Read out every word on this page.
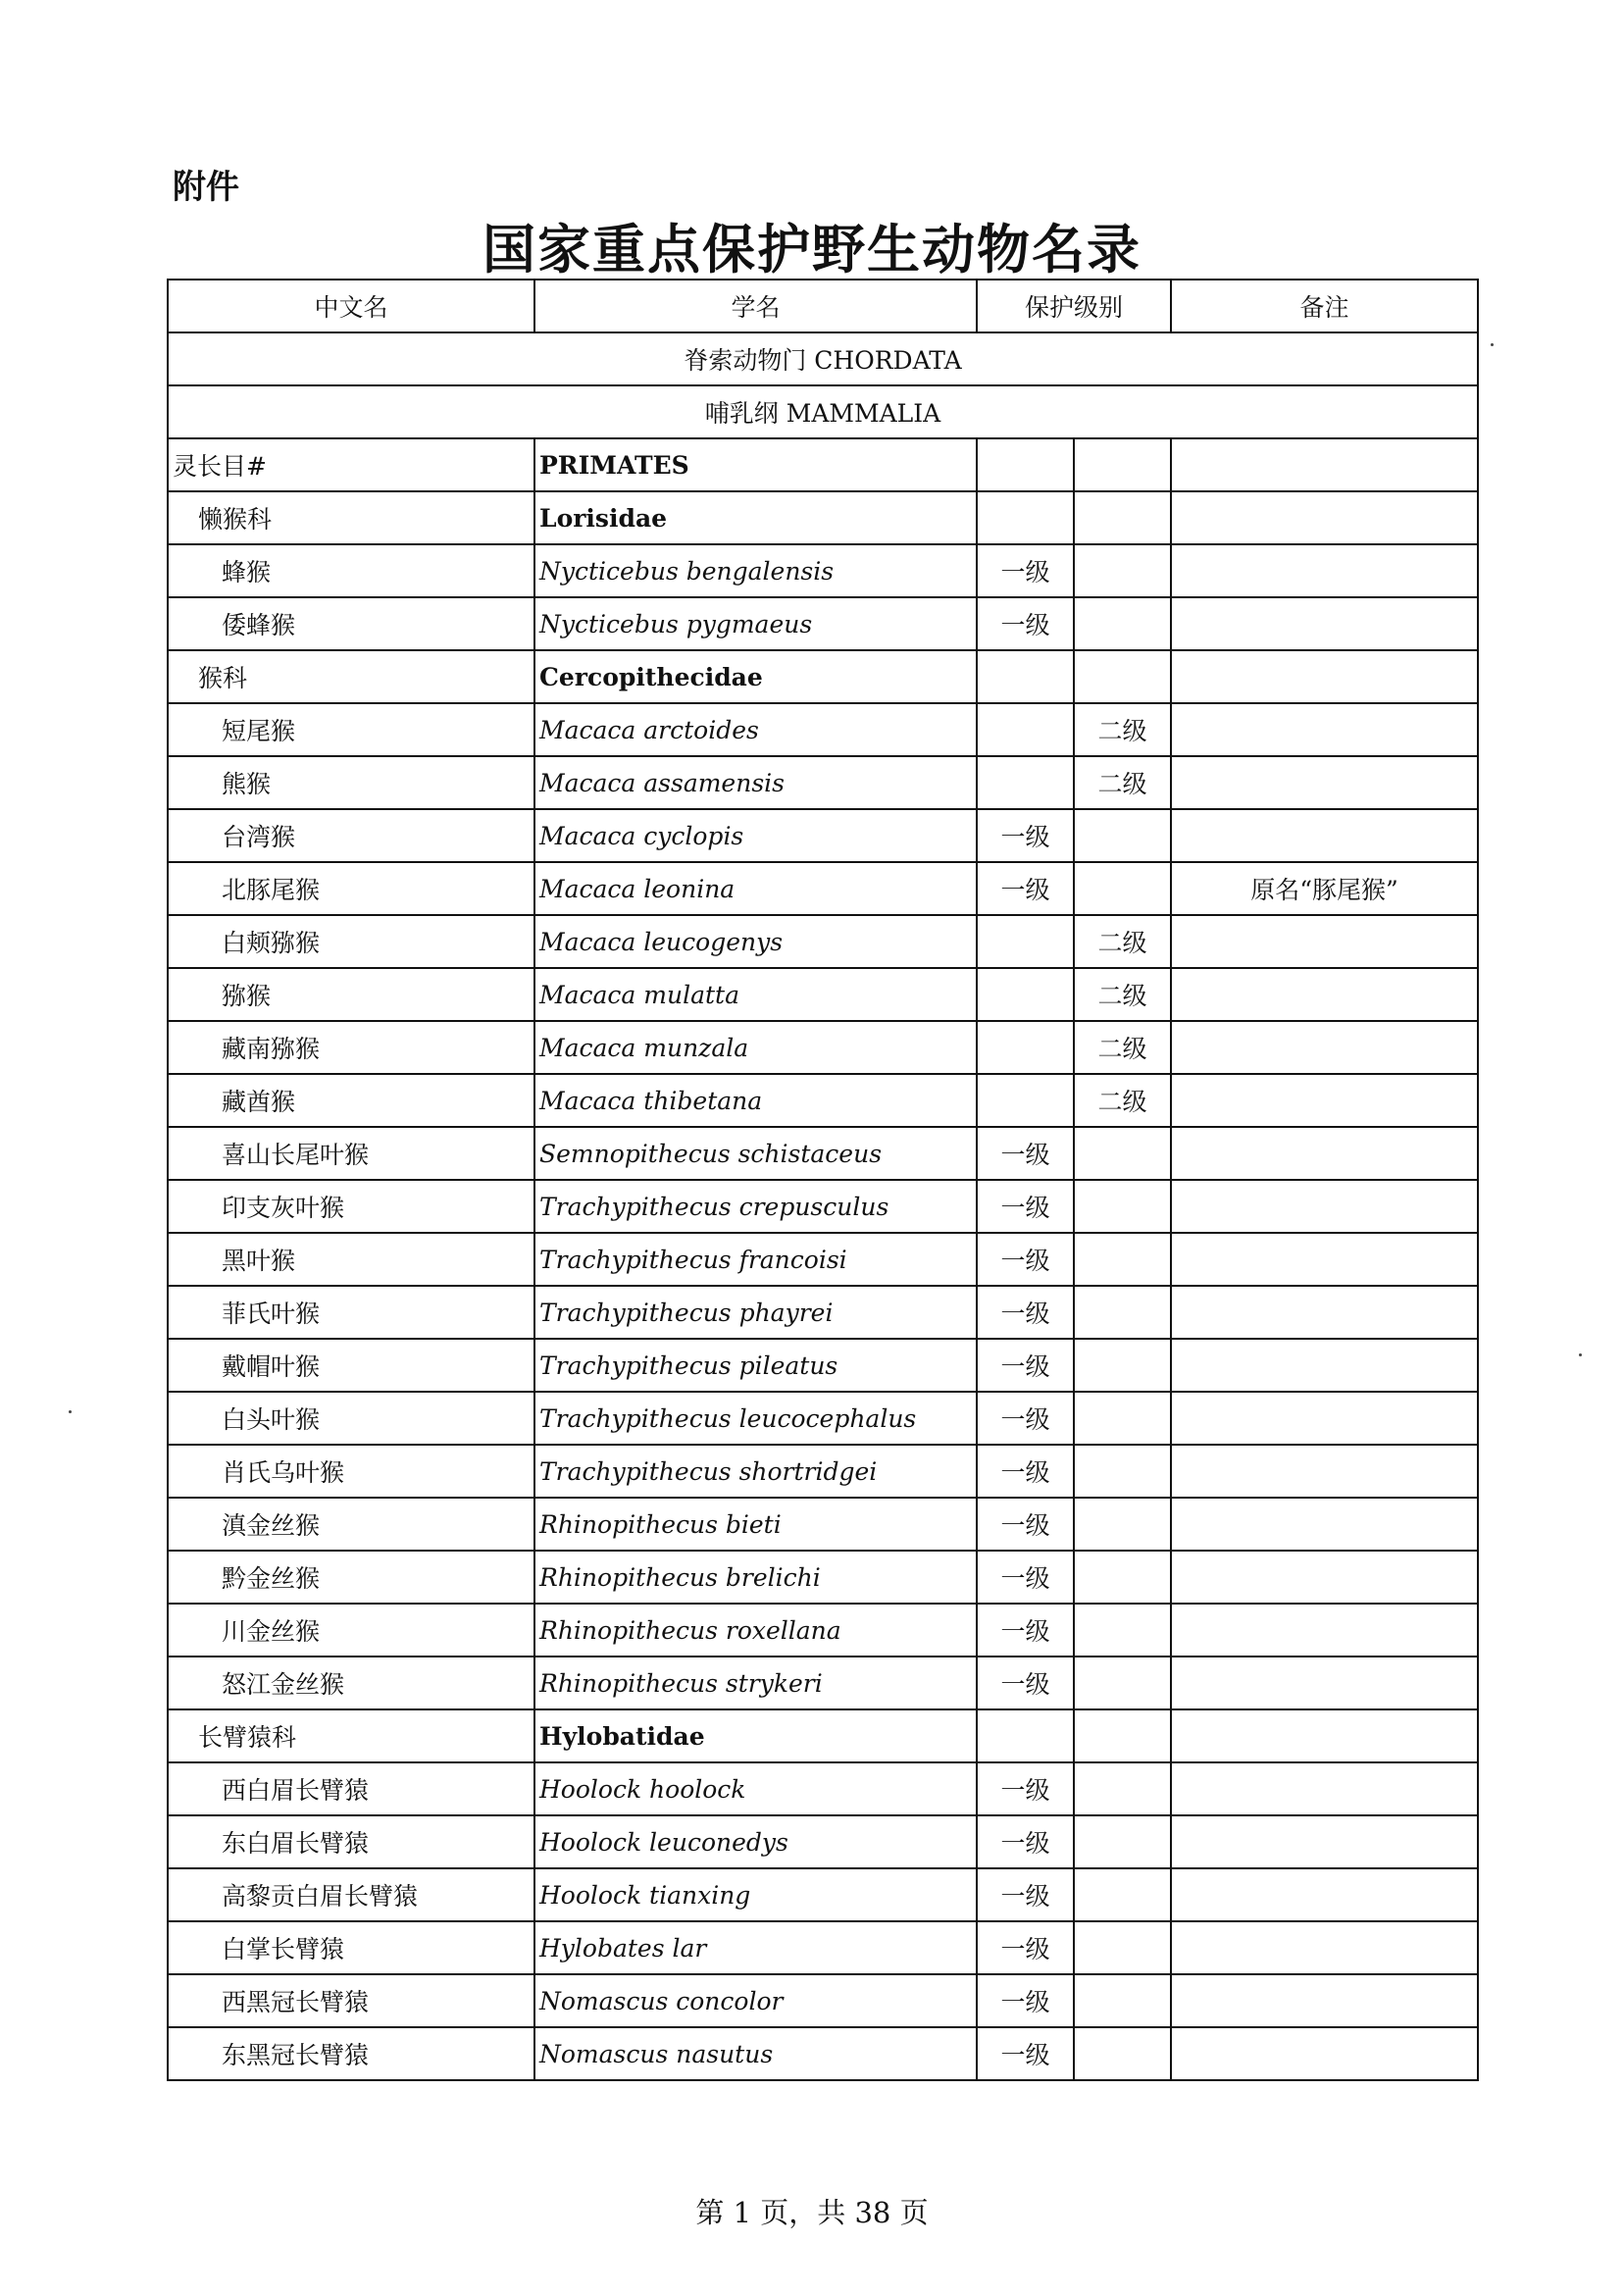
附件
国家重点保护野生动物名录
中文名	学名	保护级别		备注
脊索动物门 CHORDATA				
哺乳纲 MAMMALIA				
灵长目#	PRIMATES			
懒猴科	Lorisidae			
蜂猴	Nycticebus bengalensis	一级		
倭蜂猴	Nycticebus pygmaeus	一级		
猴科	Cercopithecidae			
短尾猴	Macaca arctoides		二级	
熊猴	Macaca assamensis		二级	
台湾猴	Macaca cyclopis	一级		
北豚尾猴	Macaca leonina	一级		原名“豚尾猴”
白颊猕猴	Macaca leucogenys		二级	
猕猴	Macaca mulatta		二级	
藏南猕猴	Macaca munzala		二级	
藏酋猴	Macaca thibetana		二级	
喜山长尾叶猴	Semnopithecus schistaceus	一级		
印支灰叶猴	Trachypithecus crepusculus	一级		
黑叶猴	Trachypithecus francoisi	一级		
菲氏叶猴	Trachypithecus phayrei	一级		
戴帽叶猴	Trachypithecus pileatus	一级		
白头叶猴	Trachypithecus leucocephalus	一级		
肖氏乌叶猴	Trachypithecus shortridgei	一级		
滇金丝猴	Rhinopithecus bieti	一级		
黔金丝猴	Rhinopithecus brelichi	一级		
川金丝猴	Rhinopithecus roxellana	一级		
怒江金丝猴	Rhinopithecus strykeri	一级		
长臂猿科	Hylobatidae			
西白眉长臂猿	Hoolock hoolock	一级		
东白眉长臂猿	Hoolock leuconedys	一级		
高黎贡白眉长臂猿	Hoolock tianxing	一级		
白掌长臂猿	Hylobates lar	一级		
西黑冠长臂猿	Nomascus concolor	一级		
东黑冠长臂猿	Nomascus nasutus	一级		
第 1 页，共 38 页
